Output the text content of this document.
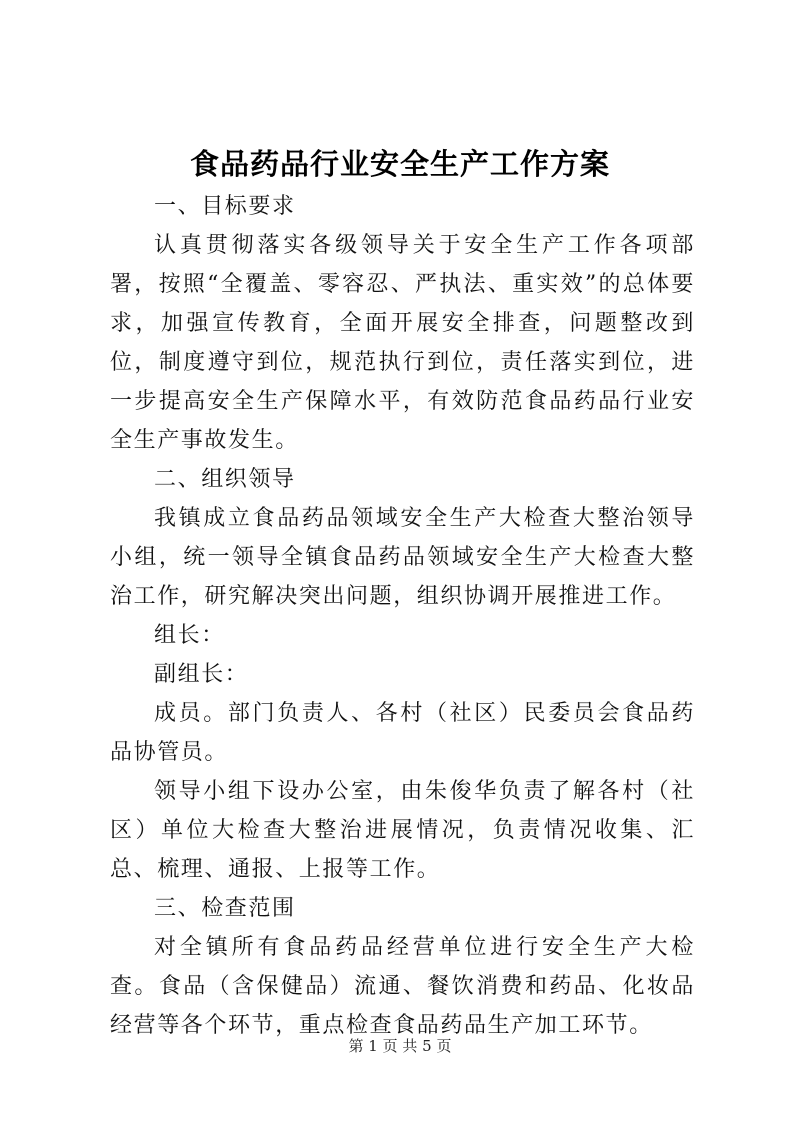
食品药品行业安全生产工作方案

一、目标要求

认真贯彻落实各级领导关于安全生产工作各项部署，按照“全覆盖、零容忍、严执法、重实效”的总体要求，加强宣传教育，全面开展安全排查，问题整改到位，制度遵守到位，规范执行到位，责任落实到位，进一步提高安全生产保障水平，有效防范食品药品行业安全生产事故发生。

二、组织领导

我镇成立食品药品领域安全生产大检查大整治领导小组，统一领导全镇食品药品领域安全生产大检查大整治工作，研究解决突出问题，组织协调开展推进工作。

组长：

副组长：

成员。部门负责人、各村（社区）民委员会食品药品协管员。

领导小组下设办公室，由朱俊华负责了解各村（社区）单位大检查大整治进展情况，负责情况收集、汇总、梳理、通报、上报等工作。

三、检查范围

对全镇所有食品药品经营单位进行安全生产大检查。食品（含保健品）流通、餐饮消费和药品、化妆品经营等各个环节，重点检查食品药品生产加工环节。

第 1 页 共 5 页
